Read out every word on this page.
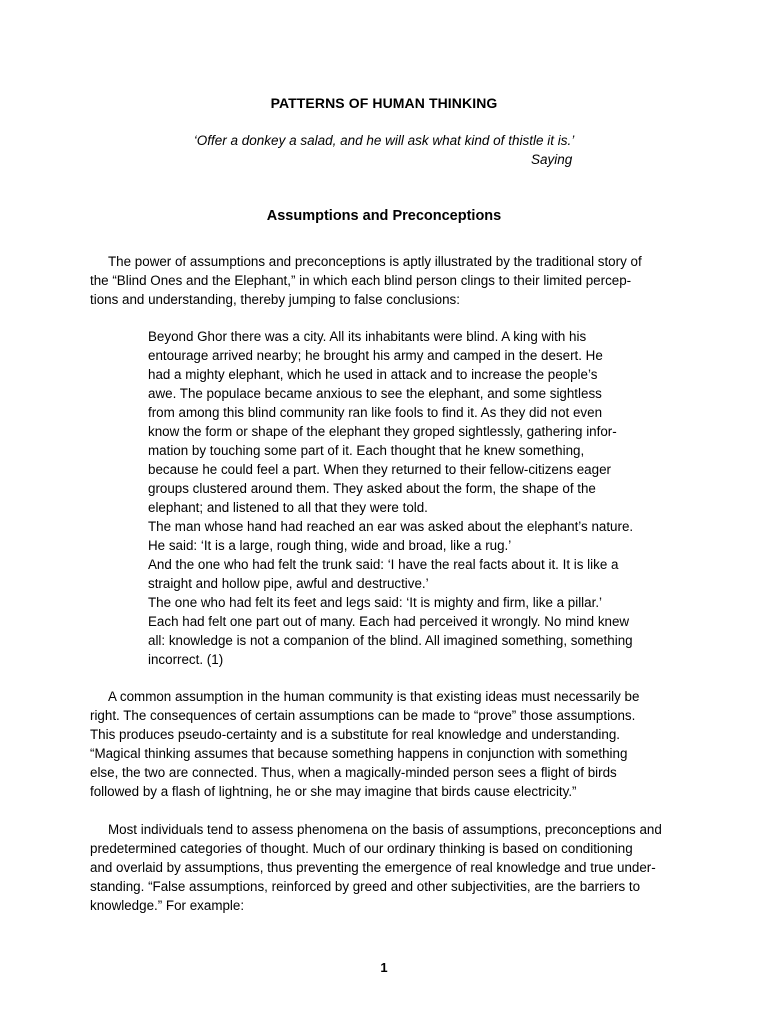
PATTERNS OF HUMAN THINKING
‘Offer a donkey a salad, and he will ask what kind of thistle it is.’
Saying
Assumptions and Preconceptions

The power of assumptions and preconceptions is aptly illustrated by the traditional story of
the “Blind Ones and the Elephant,” in which each blind person clings to their limited percep-
tions and understanding, thereby jumping to false conclusions:

Beyond Ghor there was a city. All its inhabitants were blind. A king with his
entourage arrived nearby; he brought his army and camped in the desert. He
had a mighty elephant, which he used in attack and to increase the people’s
awe. The populace became anxious to see the elephant, and some sightless
from among this blind community ran like fools to find it. As they did not even
know the form or shape of the elephant they groped sightlessly, gathering infor-
mation by touching some part of it. Each thought that he knew something,
because he could feel a part. When they returned to their fellow-citizens eager
groups clustered around them. They asked about the form, the shape of the
elephant; and listened to all that they were told.
The man whose hand had reached an ear was asked about the elephant’s nature.
He said: ‘It is a large, rough thing, wide and broad, like a rug.’
And the one who had felt the trunk said: ‘I have the real facts about it. It is like a
straight and hollow pipe, awful and destructive.’
The one who had felt its feet and legs said: ‘It is mighty and firm, like a pillar.’
Each had felt one part out of many. Each had perceived it wrongly. No mind knew
all: knowledge is not a companion of the blind. All imagined something, something
incorrect. (1)

A common assumption in the human community is that existing ideas must necessarily be
right. The consequences of certain assumptions can be made to “prove” those assumptions.
This produces pseudo-certainty and is a substitute for real knowledge and understanding.
“Magical thinking assumes that because something happens in conjunction with something
else, the two are connected. Thus, when a magically-minded person sees a flight of birds
followed by a flash of lightning, he or she may imagine that birds cause electricity.”

Most individuals tend to assess phenomena on the basis of assumptions, preconceptions and
predetermined categories of thought. Much of our ordinary thinking is based on conditioning
and overlaid by assumptions, thus preventing the emergence of real knowledge and true under-
standing. “False assumptions, reinforced by greed and other subjectivities, are the barriers to
knowledge.” For example:

1
